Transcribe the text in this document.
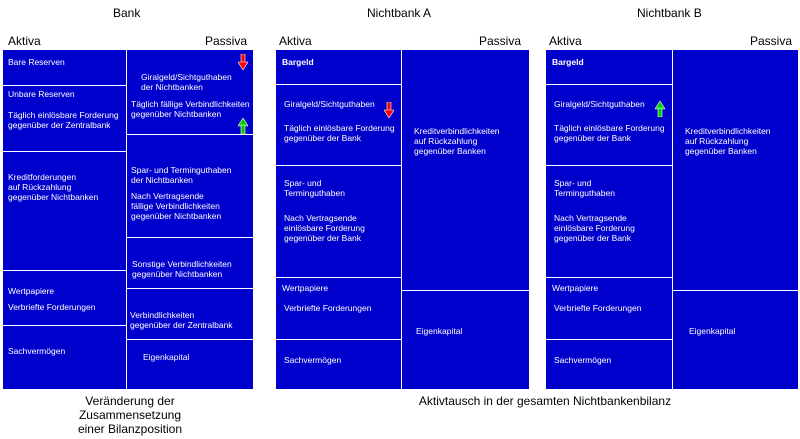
Bank
Aktiva	Passiva
Bare Reserven
Unbare Reserven
Täglich einlösbare Forderung
gegenüber der Zentralbank
Kreditforderungen
auf Rückzahlung
gegenüber Nichtbanken
Wertpapiere
Verbriefte Forderungen
Sachvermögen
Giralgeld/Sichtguthaben
der Nichtbanken
Täglich fällige Verbindlichkeiten
gegenüber Nichtbanken
Spar- und Terminguthaben
der Nichtbanken
Nach Vertragsende
fällige Verbindlichkeiten
gegenüber Nichtbanken
Sonstige Verbindlichkeiten
gegenüber Nichtbanken
Verbindlichkeiten
gegenüber der Zentralbank
Eigenkapital
Veränderung der
Zusammensetzung
einer Bilanzposition
Nichtbank A
Aktiva	Passiva
Bargeld
Giralgeld/Sichtguthaben
Täglich einlösbare Forderung
gegenüber der Bank
Spar- und
Terminguthaben
Nach Vertragsende
einlösbare Forderung
gegenüber der Bank
Wertpapiere
Verbriefte Forderungen
Sachvermögen
Kreditverbindlichkeiten
auf Rückzahlung
gegenüber Banken
Eigenkapital
Nichtbank B
Aktiva	Passiva
Bargeld
Giralgeld/Sichtguthaben
Täglich einlösbare Forderung
gegenüber der Bank
Spar- und
Terminguthaben
Nach Vertragsende
einlösbare Forderung
gegenüber der Bank
Wertpapiere
Verbriefte Forderungen
Sachvermögen
Kreditverbindlichkeiten
auf Rückzahlung
gegenüber Banken
Eigenkapital
Aktivtausch in der gesamten Nichtbankenbilanz
